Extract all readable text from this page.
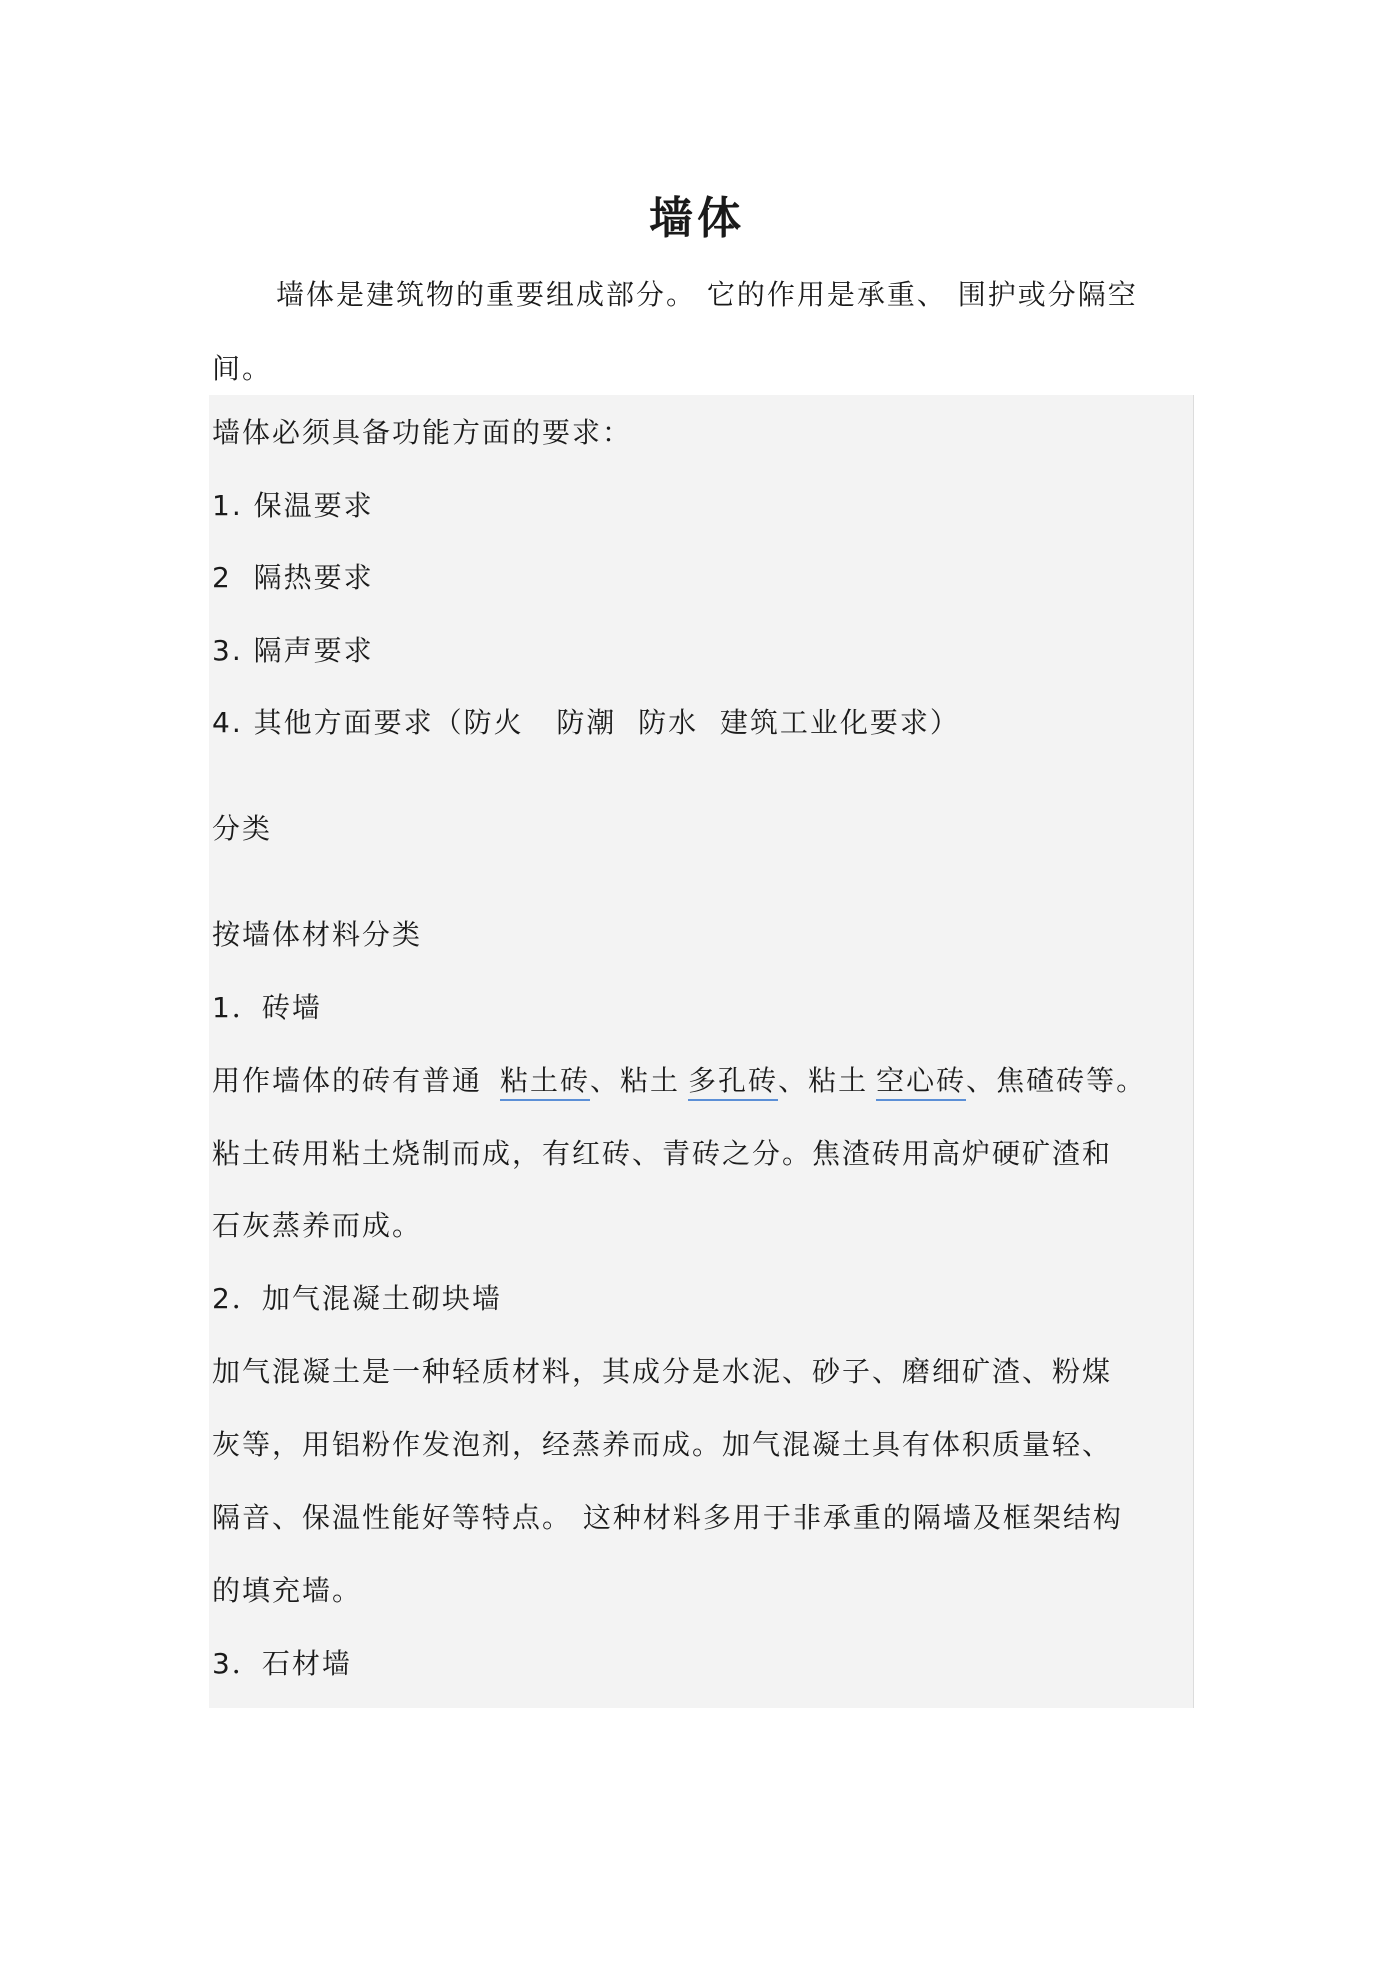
墙体
墙体是建筑物的重要组成部分。 它的作用是承重、 围护或分隔空间。
墙体必须具备功能方面的要求：
1. 保温要求
2  隔热要求
3. 隔声要求
4. 其他方面要求（防火   防潮  防水  建筑工业化要求）
分类
按墙体材料分类
1．砖墙
用作墙体的砖有普通 粘土砖、粘土 多孔砖、粘土 空心砖、焦碴砖等。
粘土砖用粘土烧制而成，有红砖、青砖之分。焦渣砖用高炉硬矿渣和
石灰蒸养而成。
2．加气混凝土砌块墙
加气混凝土是一种轻质材料，其成分是水泥、砂子、磨细矿渣、粉煤
灰等，用铝粉作发泡剂，经蒸养而成。加气混凝土具有体积质量轻、
隔音、保温性能好等特点。 这种材料多用于非承重的隔墙及框架结构
的填充墙。
3．石材墙
